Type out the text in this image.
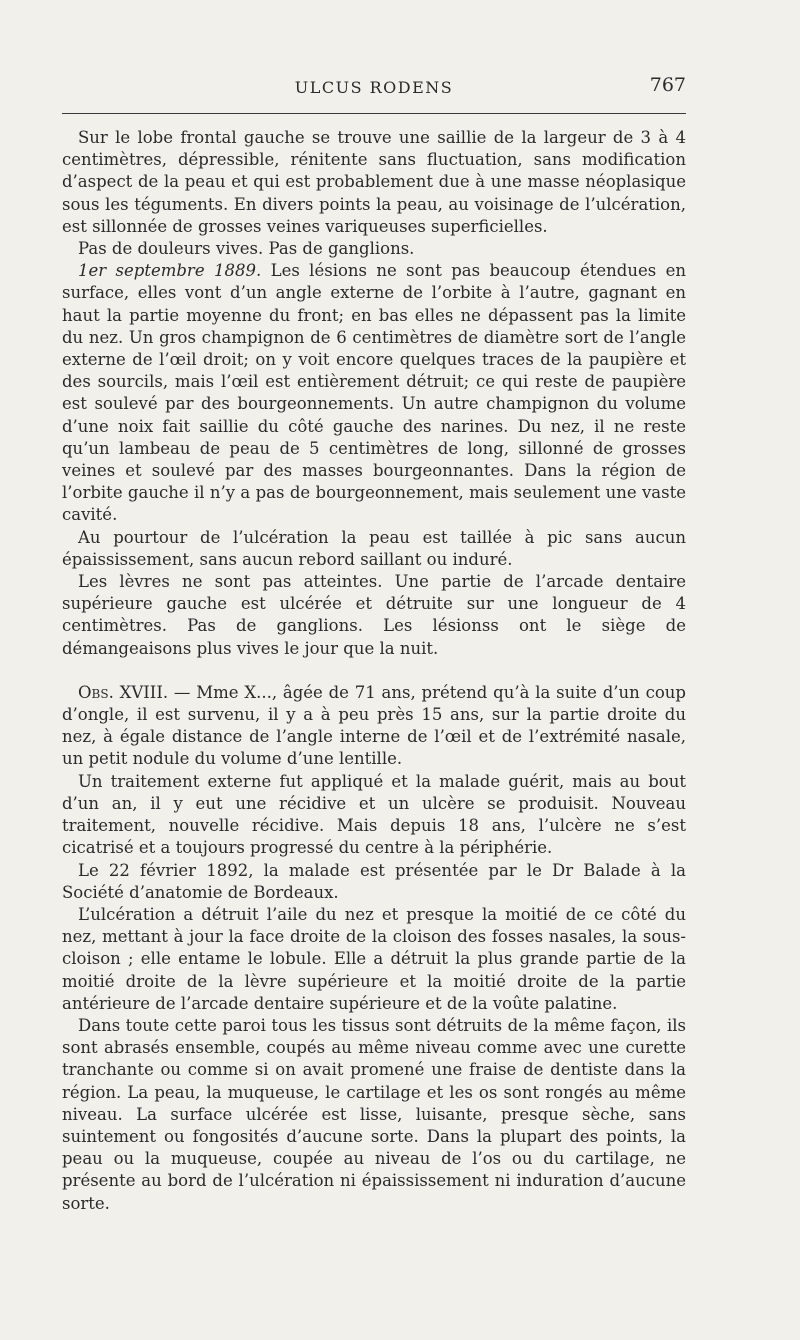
ULCUS RODENS	767

Sur le lobe frontal gauche se trouve une saillie de la largeur de 3 à 4 centimètres, dépressible, rénitente sans fluctuation, sans modification d’aspect de la peau et qui est probablement due à une masse néoplasique sous les téguments. En divers points la peau, au voisinage de l’ulcération, est sillonnée de grosses veines variqueuses superficielles.

Pas de douleurs vives. Pas de ganglions.

1er septembre 1889. Les lésions ne sont pas beaucoup étendues en surface, elles vont d’un angle externe de l’orbite à l’autre, gagnant en haut la partie moyenne du front; en bas elles ne dépassent pas la limite du nez. Un gros champignon de 6 centimètres de diamètre sort de l’angle externe de l’œil droit; on y voit encore quelques traces de la paupière et des sourcils, mais l’œil est entièrement détruit; ce qui reste de paupière est soulevé par des bourgeonnements. Un autre champignon du volume d’une noix fait saillie du côté gauche des narines. Du nez, il ne reste qu’un lambeau de peau de 5 centimètres de long, sillonné de grosses veines et soulevé par des masses bourgeonnantes. Dans la région de l’orbite gauche il n’y a pas de bourgeonnement, mais seulement une vaste cavité.

Au pourtour de l’ulcération la peau est taillée à pic sans aucun épaississement, sans aucun rebord saillant ou induré.

Les lèvres ne sont pas atteintes. Une partie de l’arcade dentaire supérieure gauche est ulcérée et détruite sur une longueur de 4 centimètres. Pas de ganglions. Les lésionss ont le siège de démangeaisons plus vives le jour que la nuit.

Obs. XVIII. — Mme X..., âgée de 71 ans, prétend qu’à la suite d’un coup d’ongle, il est survenu, il y a à peu près 15 ans, sur la partie droite du nez, à égale distance de l’angle interne de l’œil et de l’extrémité nasale, un petit nodule du volume d’une lentille.

Un traitement externe fut appliqué et la malade guérit, mais au bout d’un an, il y eut une récidive et un ulcère se produisit. Nouveau traitement, nouvelle récidive. Mais depuis 18 ans, l’ulcère ne s’est cicatrisé et a toujours progressé du centre à la périphérie.

Le 22 février 1892, la malade est présentée par le Dr Balade à la Société d’anatomie de Bordeaux.

L’ulcération a détruit l’aile du nez et presque la moitié de ce côté du nez, mettant à jour la face droite de la cloison des fosses nasales, la sous-cloison ; elle entame le lobule. Elle a détruit la plus grande partie de la moitié droite de la lèvre supérieure et la moitié droite de la partie antérieure de l’arcade dentaire supérieure et de la voûte palatine.

Dans toute cette paroi tous les tissus sont détruits de la même façon, ils sont abrasés ensemble, coupés au même niveau comme avec une curette tranchante ou comme si on avait promené une fraise de dentiste dans la région. La peau, la muqueuse, le cartilage et les os sont rongés au même niveau. La surface ulcérée est lisse, luisante, presque sèche, sans suintement ou fongosités d’aucune sorte. Dans la plupart des points, la peau ou la muqueuse, coupée au niveau de l’os ou du cartilage, ne présente au bord de l’ulcération ni épaississement ni induration d’aucune sorte.
